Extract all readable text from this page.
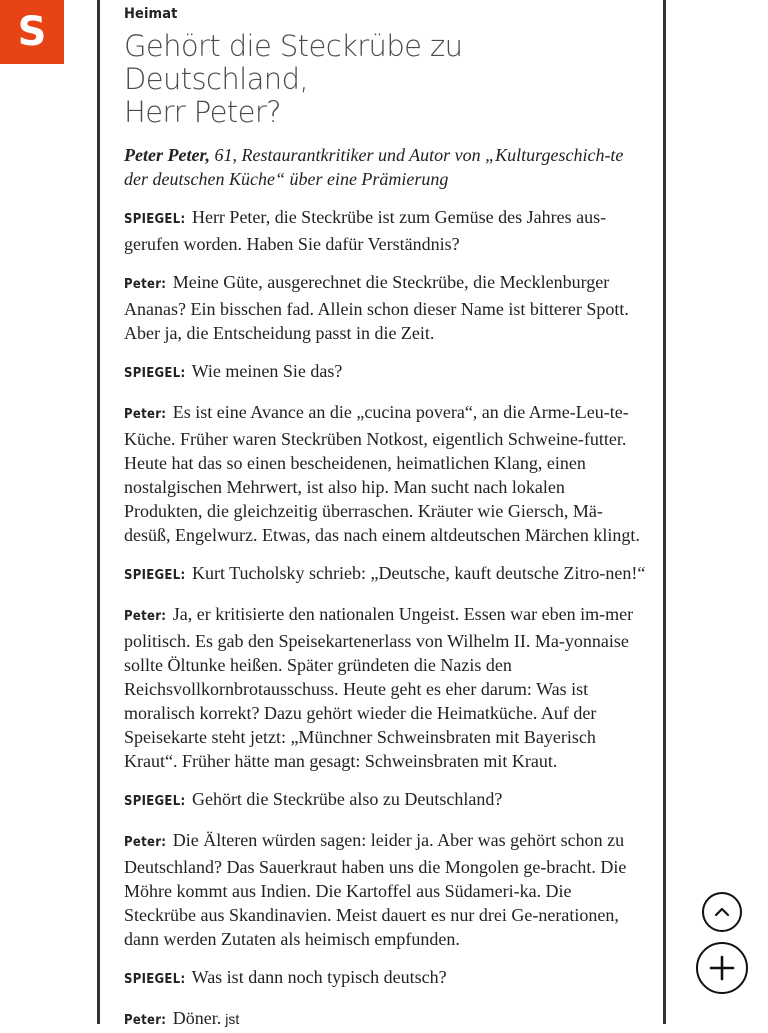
S	Heimat
Gehört die Steckrübe zu Deutschland,
Herr Peter?
Peter Peter, 61, Restaurantkritiker und Autor von „Kulturgeschich-te der deutschen Küche“ über eine Prämierung
SPIEGEL: Herr Peter, die Steckrübe ist zum Gemüse des Jahres aus-gerufen worden. Haben Sie dafür Verständnis?
Peter: Meine Güte, ausgerechnet die Steckrübe, die Mecklenburger Ananas? Ein bisschen fad. Allein schon dieser Name ist bitterer Spott. Aber ja, die Entscheidung passt in die Zeit.
SPIEGEL: Wie meinen Sie das?
Peter: Es ist eine Avance an die „cucina povera“, an die Arme-Leu-te-Küche. Früher waren Steckrüben Notkost, eigentlich Schweine-futter. Heute hat das so einen bescheidenen, heimatlichen Klang, einen nostalgischen Mehrwert, ist also hip. Man sucht nach lokalen Produkten, die gleichzeitig überraschen. Kräuter wie Giersch, Mä-desüß, Engelwurz. Etwas, das nach einem altdeutschen Märchen klingt.
SPIEGEL: Kurt Tucholsky schrieb: „Deutsche, kauft deutsche Zitro-nen!“
Peter: Ja, er kritisierte den nationalen Ungeist. Essen war eben im-mer politisch. Es gab den Speisekartenerlass von Wilhelm II. Ma-yonnaise sollte Öltunke heißen. Später gründeten die Nazis den Reichsvollkornbrotausschuss. Heute geht es eher darum: Was ist moralisch korrekt? Dazu gehört wieder die Heimatküche. Auf der Speisekarte steht jetzt: „Münchner Schweinsbraten mit Bayerisch Kraut“. Früher hätte man gesagt: Schweinsbraten mit Kraut.
SPIEGEL: Gehört die Steckrübe also zu Deutschland?
Peter: Die Älteren würden sagen: leider ja. Aber was gehört schon zu Deutschland? Das Sauerkraut haben uns die Mongolen ge-bracht. Die Möhre kommt aus Indien. Die Kartoffel aus Südameri-ka. Die Steckrübe aus Skandinavien. Meist dauert es nur drei Ge-nerationen, dann werden Zutaten als heimisch empfunden.
SPIEGEL: Was ist dann noch typisch deutsch?
Peter: Döner. jst
